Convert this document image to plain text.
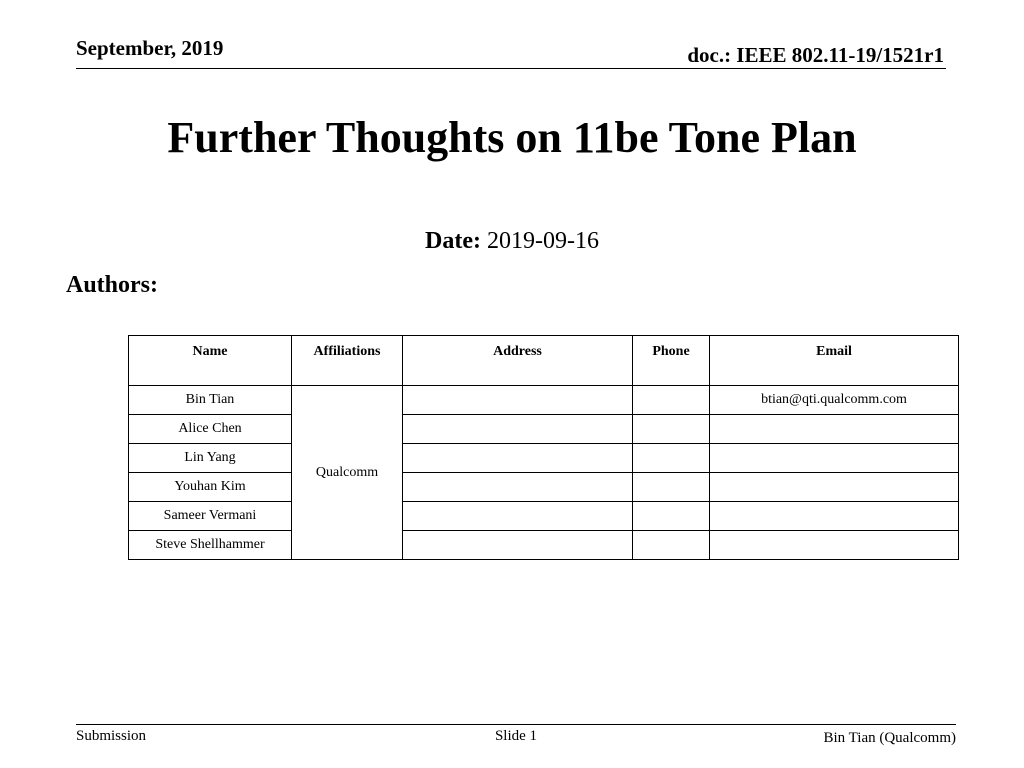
September, 2019	doc.: IEEE 802.11-19/1521r1
Further Thoughts on 11be Tone Plan
Date: 2019-09-16
Authors:
Name	Affiliations	Address	Phone	Email
Bin Tian	Qualcomm			btian@qti.qualcomm.com
Alice Chen				
Lin Yang				
Youhan Kim				
Sameer Vermani				
Steve Shellhammer				
Submission	Slide 1	Bin Tian (Qualcomm)
